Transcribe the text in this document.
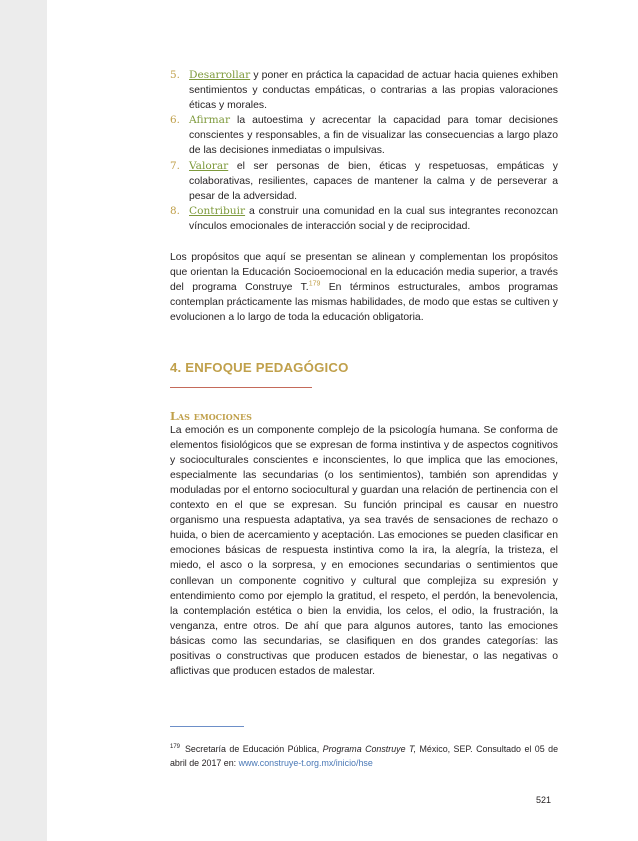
5. Desarrollar y poner en práctica la capacidad de actuar hacia quienes exhiben sentimientos y conductas empáticas, o contrarias a las propias valoraciones éticas y morales.
6. Afirmar la autoestima y acrecentar la capacidad para tomar decisiones conscientes y responsables, a fin de visualizar las consecuencias a largo plazo de las decisiones inmediatas o impulsivas.
7. Valorar el ser personas de bien, éticas y respetuosas, empáticas y colaborativas, resilientes, capaces de mantener la calma y de perseverar a pesar de la adversidad.
8. Contribuir a construir una comunidad en la cual sus integrantes reconozcan vínculos emocionales de interacción social y de reciprocidad.

Los propósitos que aquí se presentan se alinean y complementan los propósitos que orientan la Educación Socioemocional en la educación media superior, a través del programa Construye T.$^{179}$ En términos estructurales, ambos programas contemplan prácticamente las mismas habilidades, de modo que estas se cultiven y evolucionen a lo largo de toda la educación obligatoria.

4. ENFOQUE PEDAGÓGICO
Las emociones

La emoción es un componente complejo de la psicología humana. Se conforma de elementos fisiológicos que se expresan de forma instintiva y de aspectos cognitivos y socioculturales conscientes e inconscientes, lo que implica que las emociones, especialmente las secundarias (o los sentimientos), también son aprendidas y moduladas por el entorno sociocultural y guardan una relación de pertinencia con el contexto en el que se expresan. Su función principal es causar en nuestro organismo una respuesta adaptativa, ya sea través de sensaciones de rechazo o huida, o bien de acercamiento y aceptación. Las emociones se pueden clasificar en emociones básicas de respuesta instintiva como la ira, la alegría, la tristeza, el miedo, el asco o la sorpresa, y en emociones secundarias o sentimientos que conllevan un componente cognitivo y cultural que complejiza su expresión y entendimiento como por ejemplo la gratitud, el respeto, el perdón, la benevolencia, la contemplación estética o bien la envidia, los celos, el odio, la frustración, la venganza, entre otros. De ahí que para algunos autores, tanto las emociones básicas como las secundarias, se clasifiquen en dos grandes categorías: las positivas o constructivas que producen estados de bienestar, o las negativas o aflictivas que producen estados de malestar.

$^{179}$ Secretaría de Educación Pública, Programa Construye T, México, SEP. Consultado el 05 de abril de 2017 en: www.construye-t.org.mx/inicio/hse

521
